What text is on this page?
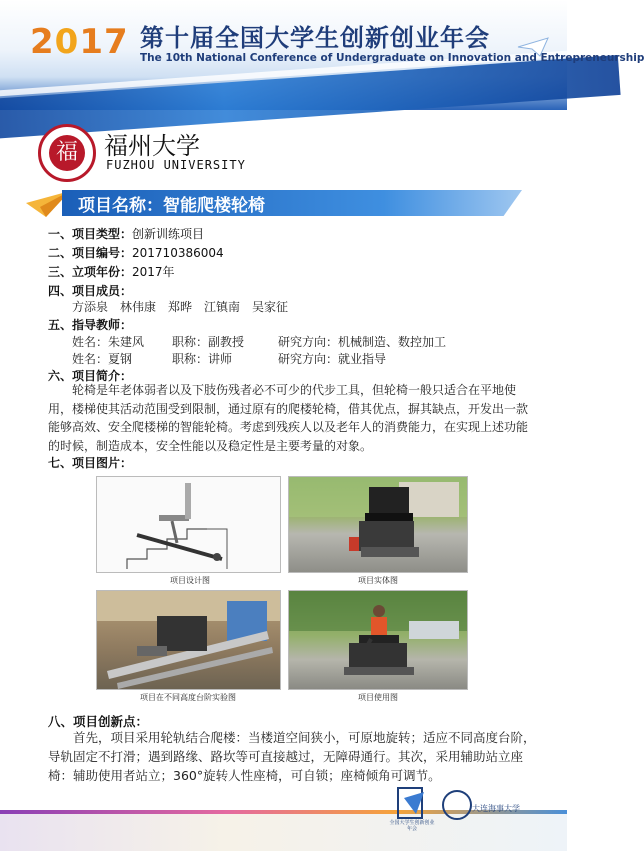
2017 第十届全国大学生创新创业年会
The 10th National Conference of Undergraduate on Innovation and Entrepreneurship
福 福州大学
FUZHOU UNIVERSITY
项目名称：智能爬楼轮椅
一、项目类型：创新训练项目
二、项目编号：201710386004
三、立项年份：2017年
四、项目成员：
方添泉　林伟康　郑晔　江镇南　吴家征
五、指导教师：
姓名：朱建风 职称：副教授	研究方向：机械制造、数控加工
姓名：夏钢	职称：讲师	研究方向：就业指导
六、项目简介：
轮椅是年老体弱者以及下肢伤残者必不可少的代步工具，但轮椅一般只适合在平地使用，楼梯使其活动范围受到限制，通过原有的爬楼轮椅，借其优点，摒其缺点，开发出一款能够高效、安全爬楼梯的智能轮椅。考虑到残疾人以及老年人的消费能力，在实现上述功能的时候，制造成本，安全性能以及稳定性是主要考量的对象。
七、项目图片：
项目设计图	项目实体图
项目在不同高度台阶实验图	项目使用图
八、项目创新点：
首先，项目采用轮轨结合爬楼：当楼道空间狭小，可原地旋转；适应不同高度台阶，导轨固定不打滑；遇到路缘、路坎等可直接越过，无障碍通行。其次，采用辅助站立座椅：辅助使用者站立；360°旋转人性座椅，可自锁；座椅倾角可调节。
全国大学生创新创业年会
大连海事大学
